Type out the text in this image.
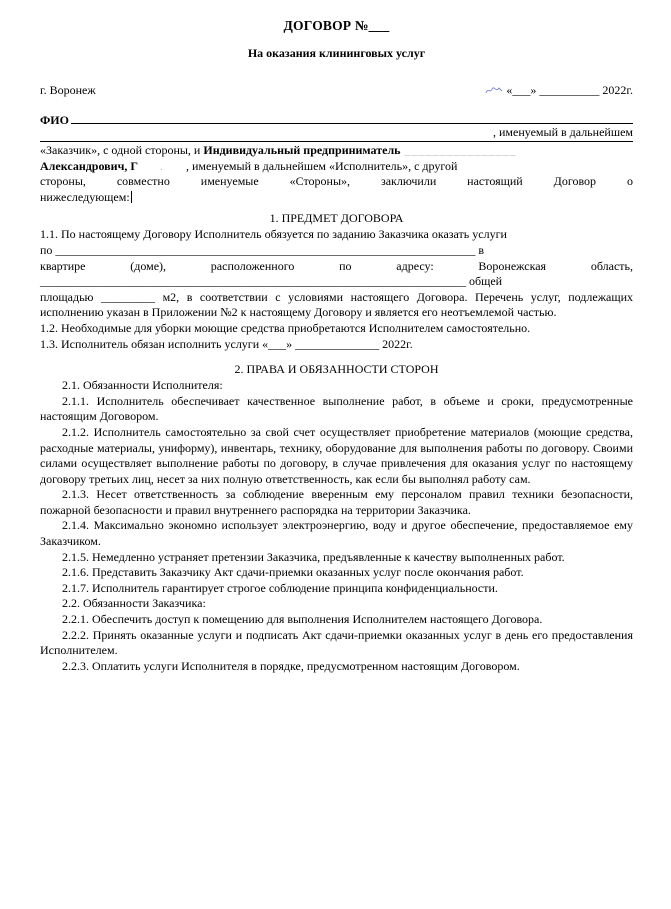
ДОГОВОР №___
На оказания клининговых услуг
г. Воронеж	«___» __________ 2022г.
ФИО
, именуемый в дальнейшем
«Заказчик», с одной стороны, и Индивидуальный предприниматель ________________
Александрович, Г . , именуемый в дальнейшем «Исполнитель», с другой
стороны, совместно именуемые «Стороны», заключили настоящий Договор о
нижеследующем:
1. ПРЕДМЕТ ДОГОВОРА
1.1. По настоящему Договору Исполнитель обязуется по заданию Заказчика оказать услуги
по ______________________________________________________________________ в
квартире (доме), расположенного по адресу: Воронежская область,
_______________________________________________________________________ общей
площадью _________ м2, в соответствии с условиями настоящего Договора. Перечень услуг, подлежащих исполнению указан в Приложении №2 к настоящему Договору и является его неотъемлемой частью.
1.2. Необходимые для уборки моющие средства приобретаются Исполнителем самостоятельно.
1.3. Исполнитель обязан исполнить услуги «___» ______________ 2022г.
2. ПРАВА И ОБЯЗАННОСТИ СТОРОН
2.1. Обязанности Исполнителя:
2.1.1. Исполнитель обеспечивает качественное выполнение работ, в объеме и сроки, предусмотренные настоящим Договором.
2.1.2. Исполнитель самостоятельно за свой счет осуществляет приобретение материалов (моющие средства, расходные материалы, униформу), инвентарь, технику, оборудование для выполнения работы по договору. Своими силами осуществляет выполнение работы по договору, в случае привлечения для оказания услуг по настоящему договору третьих лиц, несет за них полную ответственность, как если бы выполнял работу сам.
2.1.3. Несет ответственность за соблюдение вверенным ему персоналом правил техники безопасности, пожарной безопасности и правил внутреннего распорядка на территории Заказчика.
2.1.4. Максимально экономно использует электроэнергию, воду и другое обеспечение, предоставляемое ему Заказчиком.
2.1.5. Немедленно устраняет претензии Заказчика, предъявленные к качеству выполненных работ.
2.1.6. Представить Заказчику Акт сдачи-приемки оказанных услуг после окончания работ.
2.1.7. Исполнитель гарантирует строгое соблюдение принципа конфиденциальности.
2.2. Обязанности Заказчика:
2.2.1. Обеспечить доступ к помещению для выполнения Исполнителем настоящего Договора.
2.2.2. Принять оказанные услуги и подписать Акт сдачи-приемки оказанных услуг в день его предоставления Исполнителем.
2.2.3. Оплатить услуги Исполнителя в порядке, предусмотренном настоящим Договором.
